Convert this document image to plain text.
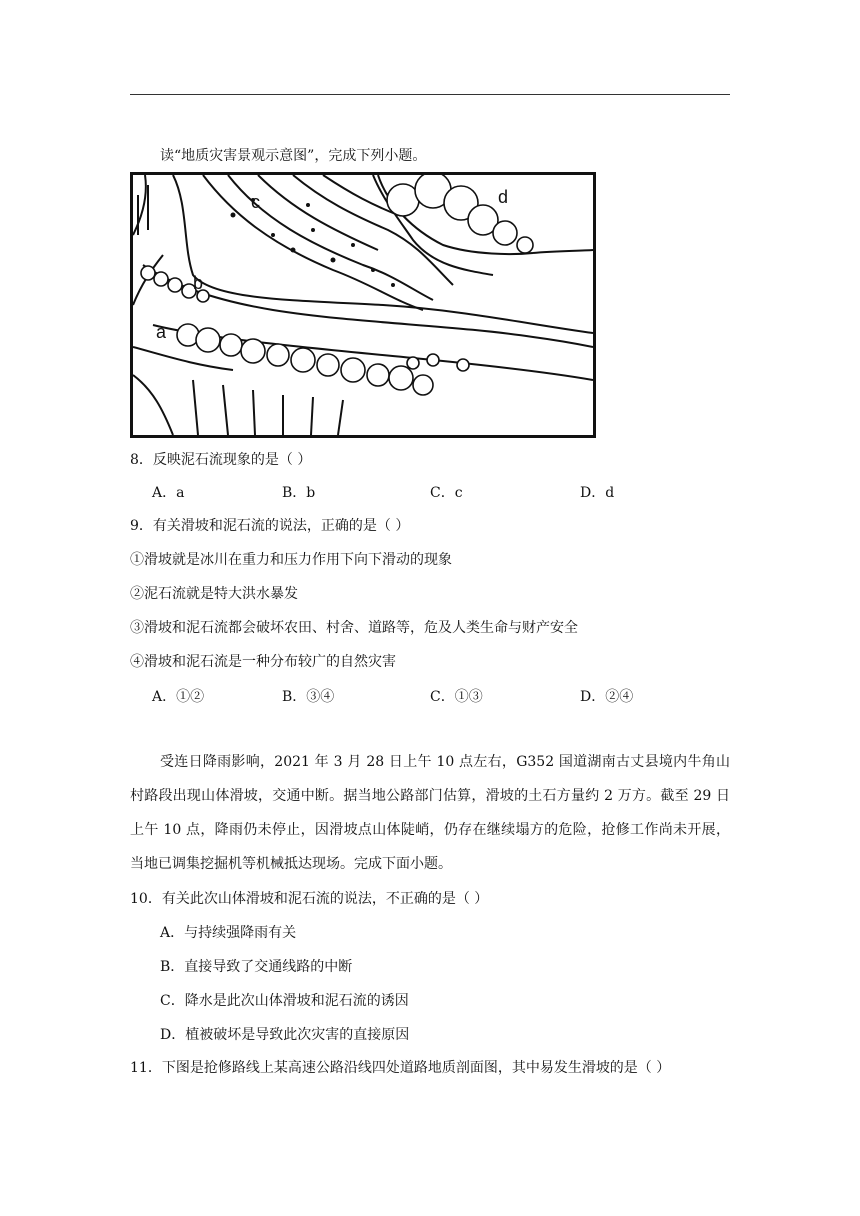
读“地质灾害景观示意图”，完成下列小题。
a
b
c	d
8．反映泥石流现象的是（ ）
A．a	B．b	C．c	D．d
9．有关滑坡和泥石流的说法，正确的是（ ）
①滑坡就是冰川在重力和压力作用下向下滑动的现象
②泥石流就是特大洪水暴发
③滑坡和泥石流都会破坏农田、村舍、道路等，危及人类生命与财产安全
④滑坡和泥石流是一种分布较广的自然灾害
A．①②	B．③④	C．①③	D．②④
受连日降雨影响，2021 年 3 月 28 日上午 10 点左右，G352 国道湖南古丈县境内牛角山村路段出现山体滑坡，交通中断。据当地公路部门估算，滑坡的土石方量约 2 万方。截至 29 日上午 10 点，降雨仍未停止，因滑坡点山体陡峭，仍存在继续塌方的危险，抢修工作尚未开展，当地已调集挖掘机等机械抵达现场。完成下面小题。
10．有关此次山体滑坡和泥石流的说法，不正确的是（ ）
A．与持续强降雨有关
B．直接导致了交通线路的中断
C．降水是此次山体滑坡和泥石流的诱因
D．植被破坏是导致此次灾害的直接原因
11．下图是抢修路线上某高速公路沿线四处道路地质剖面图，其中易发生滑坡的是（ ）
